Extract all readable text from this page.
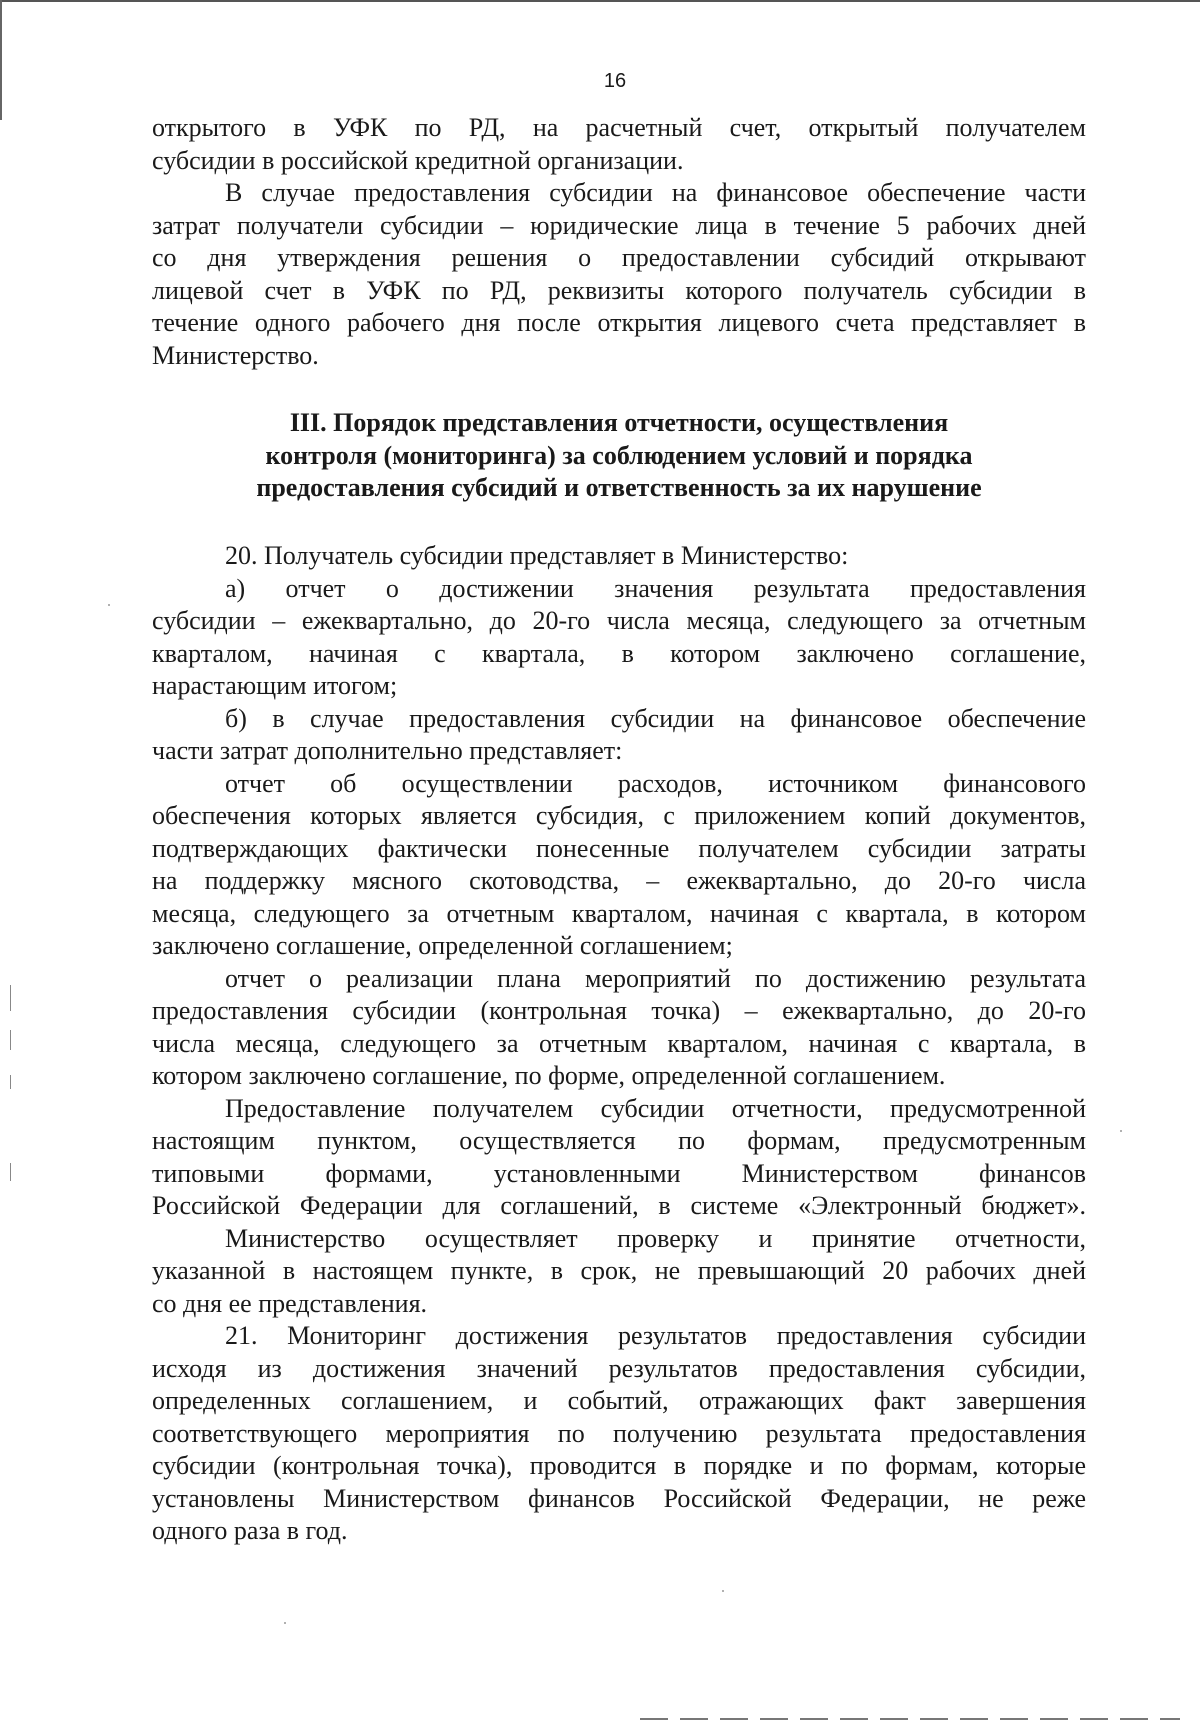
16
открытого в УФК по РД, на расчетный счет, открытый получателем
субсидии в российской кредитной организации.
В случае предоставления субсидии на финансовое обеспечение части
затрат получатели субсидии – юридические лица в течение 5 рабочих дней
со дня утверждения решения о предоставлении субсидий открывают
лицевой счет в УФК по РД, реквизиты которого получатель субсидии в
течение одного рабочего дня после открытия лицевого счета представляет в
Министерство.
III. Порядок представления отчетности, осуществления
контроля (мониторинга) за соблюдением условий и порядка
предоставления субсидий и ответственность за их нарушение
20. Получатель субсидии представляет в Министерство:
а) отчет о достижении значения результата предоставления
субсидии – ежеквартально, до 20-го числа месяца, следующего за отчетным
кварталом, начиная с квартала, в котором заключено соглашение,
нарастающим итогом;
б) в случае предоставления субсидии на финансовое обеспечение
части затрат дополнительно представляет:
отчет об осуществлении расходов, источником финансового
обеспечения которых является субсидия, с приложением копий документов,
подтверждающих фактически понесенные получателем субсидии затраты
на поддержку мясного скотоводства, – ежеквартально, до 20-го числа
месяца, следующего за отчетным кварталом, начиная с квартала, в котором
заключено соглашение, определенной соглашением;
отчет о реализации плана мероприятий по достижению результата
предоставления субсидии (контрольная точка) – ежеквартально, до 20-го
числа месяца, следующего за отчетным кварталом, начиная с квартала, в
котором заключено соглашение, по форме, определенной соглашением.
Предоставление получателем субсидии отчетности, предусмотренной
настоящим пунктом, осуществляется по формам, предусмотренным
типовыми формами, установленными Министерством финансов
Российской Федерации для соглашений, в системе «Электронный бюджет».
Министерство осуществляет проверку и принятие отчетности,
указанной в настоящем пункте, в срок, не превышающий 20 рабочих дней
со дня ее представления.
21. Мониторинг достижения результатов предоставления субсидии
исходя из достижения значений результатов предоставления субсидии,
определенных соглашением, и событий, отражающих факт завершения
соответствующего мероприятия по получению результата предоставления
субсидии (контрольная точка), проводится в порядке и по формам, которые
установлены Министерством финансов Российской Федерации, не реже
одного раза в год.
